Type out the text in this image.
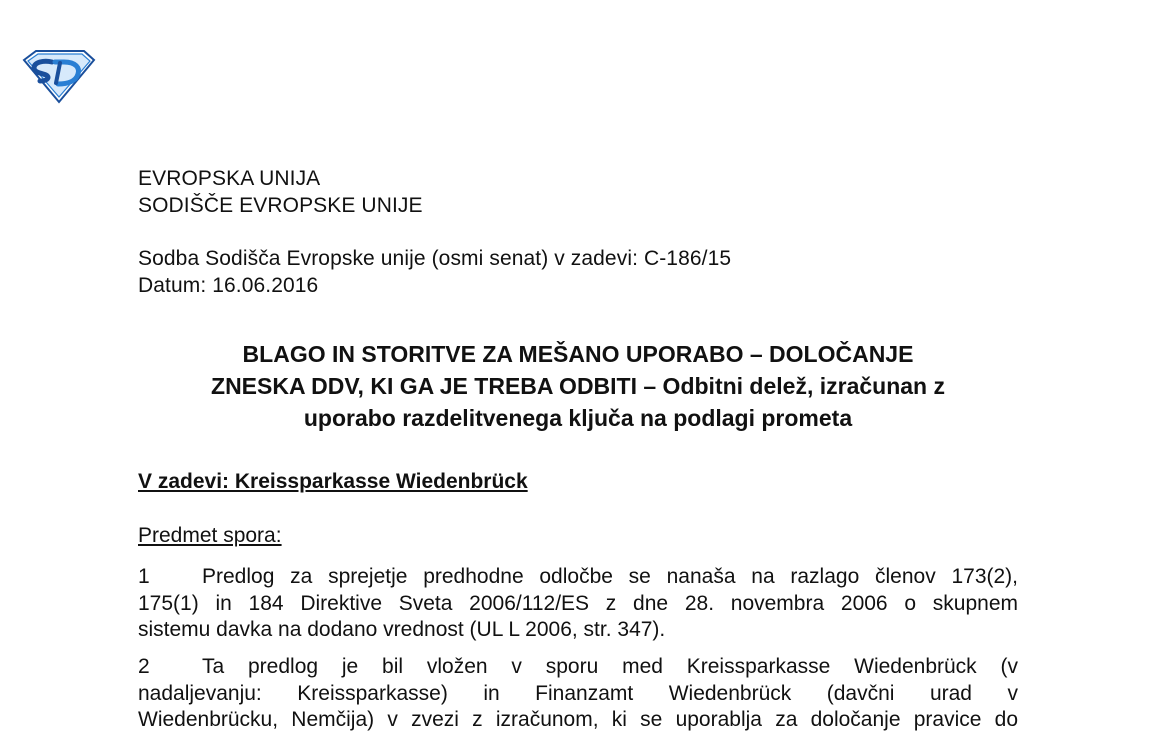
EVROPSKA UNIJA
SODIŠČE EVROPSKE UNIJE
Sodba Sodišča Evropske unije (osmi senat) v zadevi: C-186/15
Datum: 16.06.2016
BLAGO IN STORITVE ZA MEŠANO UPORABO – DOLOČANJE
ZNESKA DDV, KI GA JE TREBA ODBITI – Odbitni delež, izračunan z
uporabo razdelitvenega ključa na podlagi prometa
V zadevi: Kreissparkasse Wiedenbrück
Predmet spora:
1 Predlog za sprejetje predhodne odločbe se nanaša na razlago členov 173(2),
175(1) in 184 Direktive Sveta 2006/112/ES z dne 28. novembra 2006 o skupnem
sistemu davka na dodano vrednost (UL L 2006, str. 347).
2 Ta predlog je bil vložen v sporu med Kreissparkasse Wiedenbrück (v
nadaljevanju: Kreissparkasse) in Finanzamt Wiedenbrück (davčni urad v
Wiedenbrücku, Nemčija) v zvezi z izračunom, ki se uporablja za določanje pravice do
